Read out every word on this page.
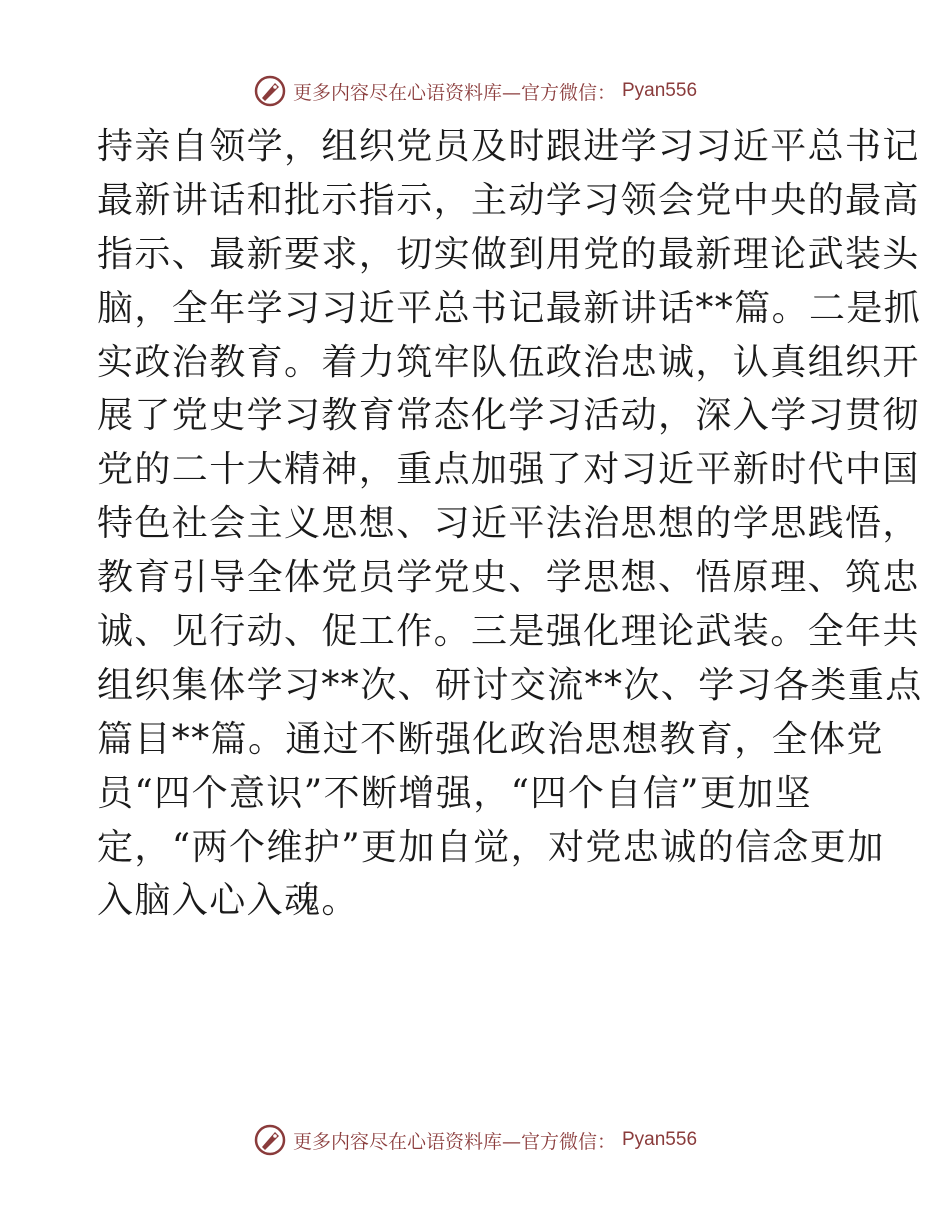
更多内容尽在心语资料库—官方微信： Pyan556
持亲自领学，组织党员及时跟进学习习近平总书记
最新讲话和批示指示，主动学习领会党中央的最高
指示、最新要求，切实做到用党的最新理论武装头
脑，全年学习习近平总书记最新讲话**篇。二是抓
实政治教育。着力筑牢队伍政治忠诚，认真组织开
展了党史学习教育常态化学习活动，深入学习贯彻
党的二十大精神，重点加强了对习近平新时代中国
特色社会主义思想、习近平法治思想的学思践悟，
教育引导全体党员学党史、学思想、悟原理、筑忠
诚、见行动、促工作。三是强化理论武装。全年共
组织集体学习**次、研讨交流**次、学习各类重点
篇目**篇。通过不断强化政治思想教育，全体党
员“四个意识”不断增强，“四个自信”更加坚
定，“两个维护”更加自觉，对党忠诚的信念更加
入脑入心入魂。
更多内容尽在心语资料库—官方微信： Pyan556
